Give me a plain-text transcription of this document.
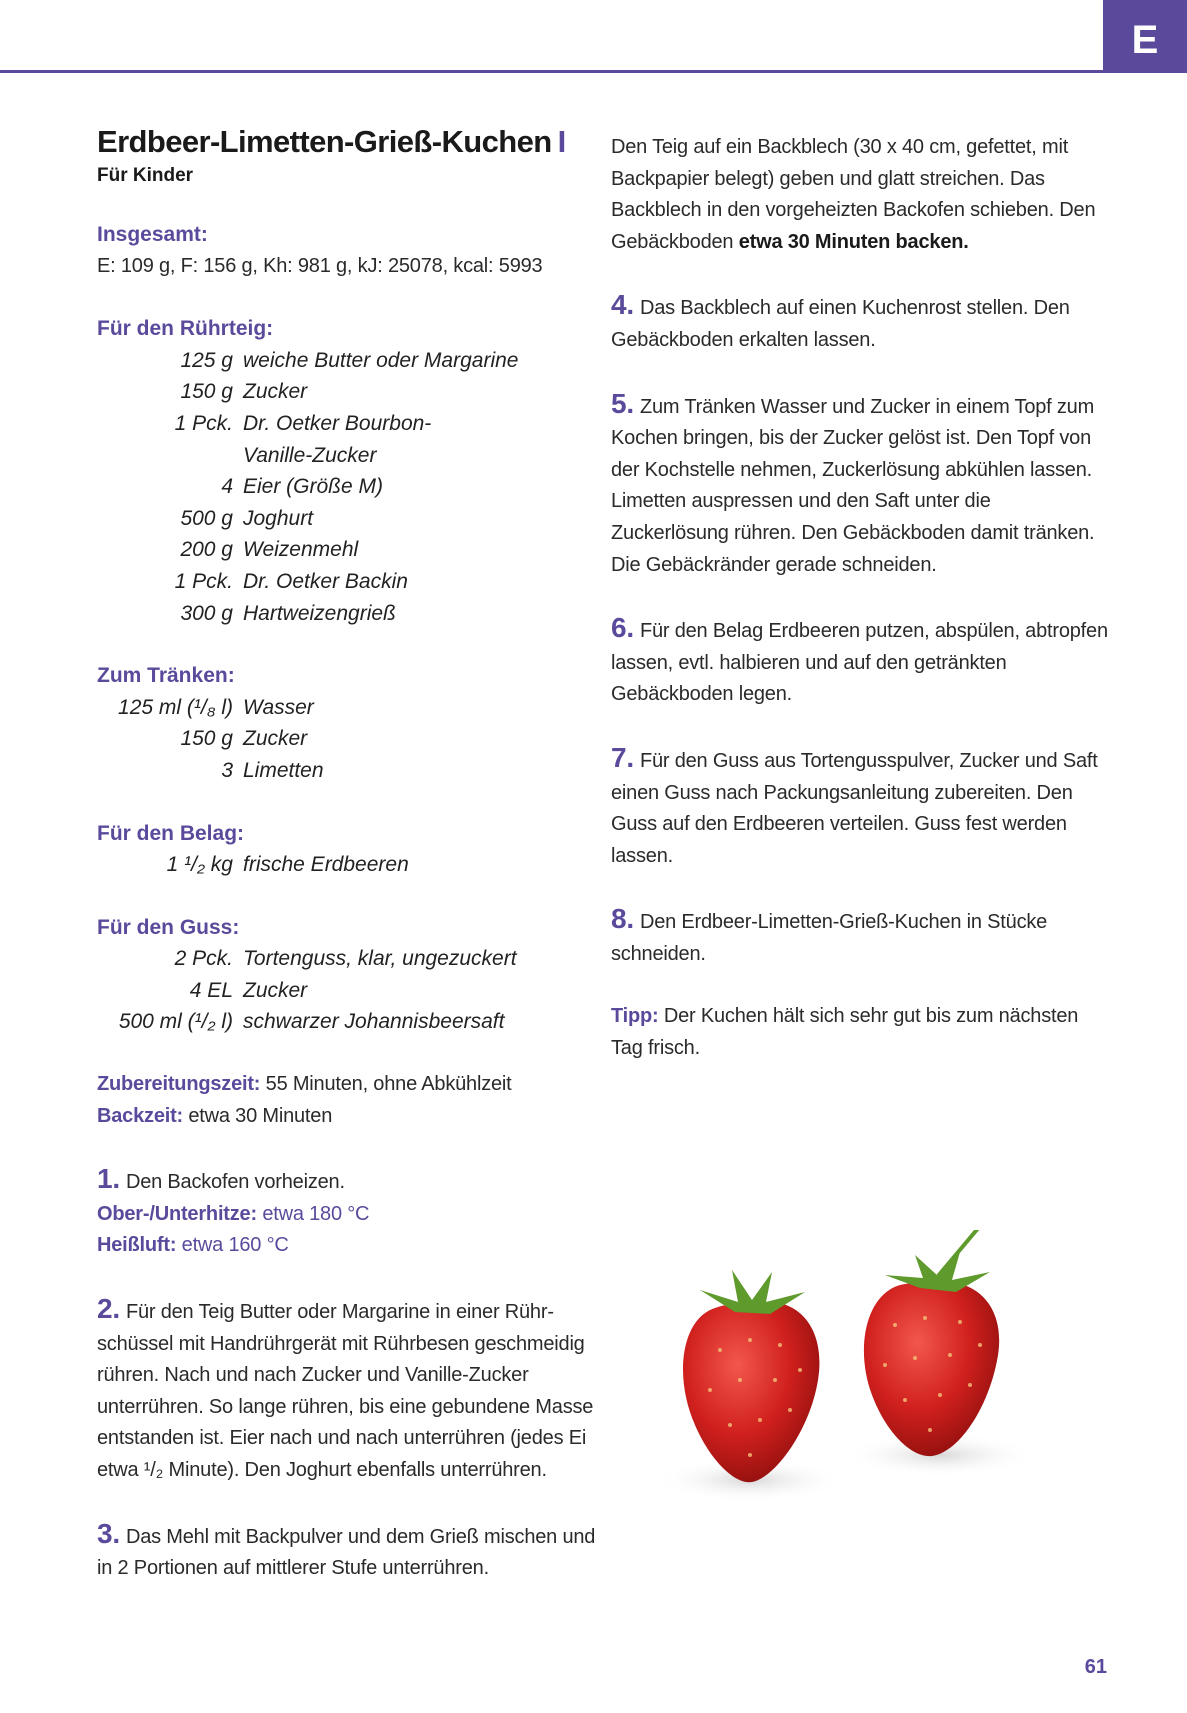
E
Erdbeer-Limetten-Grieß-Kuchen I
Für Kinder
Insgesamt:
E: 109 g, F: 156 g, Kh: 981 g, kJ: 25078, kcal: 5993
Für den Rührteig:
125 g weiche Butter oder Margarine
150 g Zucker
1 Pck. Dr. Oetker Bourbon-
Vanille-Zucker
4 Eier (Größe M)
500 g Joghurt
200 g Weizenmehl
1 Pck. Dr. Oetker Backin
300 g Hartweizengrieß
Zum Tränken:
125 ml (¹/₈ l) Wasser
150 g Zucker
3 Limetten
Für den Belag:
1 ¹/₂ kg frische Erdbeeren
Für den Guss:
2 Pck. Tortenguss, klar, ungezuckert
4 EL Zucker
500 ml (¹/₂ l) schwarzer Johannisbeersaft
Zubereitungszeit: 55 Minuten, ohne Abkühlzeit
Backzeit: etwa 30 Minuten
1. Den Backofen vorheizen.
Ober-/Unterhitze: etwa 180 °C
Heißluft: etwa 160 °C
2. Für den Teig Butter oder Margarine in einer Rührschüssel mit Handrührgerät mit Rührbesen geschmeidig rühren. Nach und nach Zucker und Vanille-Zucker unterrühren. So lange rühren, bis eine gebundene Masse entstanden ist. Eier nach und nach unterrühren (jedes Ei etwa ¹/₂ Minute). Den Joghurt ebenfalls unterrühren.
3. Das Mehl mit Backpulver und dem Grieß mischen und in 2 Portionen auf mittlerer Stufe unterrühren.
Den Teig auf ein Backblech (30 x 40 cm, gefettet, mit Backpapier belegt) geben und glatt streichen. Das Backblech in den vorgeheizten Backofen schieben. Den Gebäckboden etwa 30 Minuten backen.
4. Das Backblech auf einen Kuchenrost stellen. Den Gebäckboden erkalten lassen.
5. Zum Tränken Wasser und Zucker in einem Topf zum Kochen bringen, bis der Zucker gelöst ist. Den Topf von der Kochstelle nehmen, Zuckerlösung abkühlen lassen. Limetten auspressen und den Saft unter die Zuckerlösung rühren. Den Gebäckboden damit tränken. Die Gebäckränder gerade schneiden.
6. Für den Belag Erdbeeren putzen, abspülen, abtropfen lassen, evtl. halbieren und auf den getränkten Gebäckboden legen.
7. Für den Guss aus Tortengusspulver, Zucker und Saft einen Guss nach Packungsanleitung zubereiten. Den Guss auf den Erdbeeren verteilen. Guss fest werden lassen.
8. Den Erdbeer-Limetten-Grieß-Kuchen in Stücke schneiden.
Tipp: Der Kuchen hält sich sehr gut bis zum nächsten Tag frisch.
61
